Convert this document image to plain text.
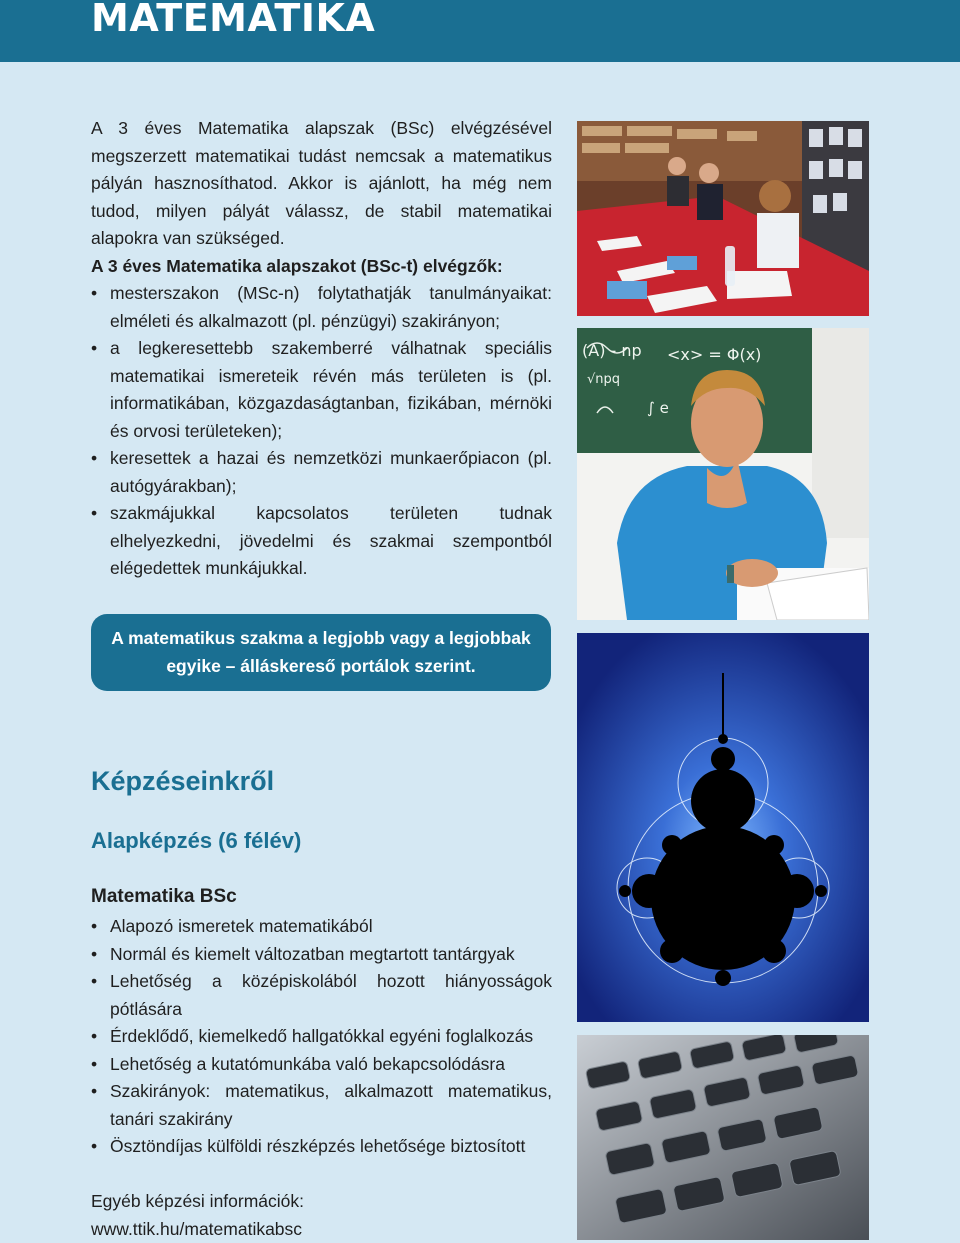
MATEMATIKA

A 3 éves Matematika alapszak (BSc) elvégzésével megszerzett matematikai tudást nemcsak a matematikus pályán hasznosíthatod. Akkor is ajánlott, ha még nem tudod, milyen pályát válassz, de stabil matematikai alapokra van szükséged.

A 3 éves Matematika alapszakot (BSc-t) elvégzők:

• mesterszakon (MSc-n) folytathatják tanulmányaikat: elméleti és alkalmazott (pl. pénzügyi) szakirányon;
• a legkeresettebb szakemberré válhatnak speciális matematikai ismereteik révén más területen is (pl. informatikában, közgazdaságtanban, fizikában, mérnöki és orvosi területeken);
• keresettek a hazai és nemzetközi munkaerőpiacon (pl. autógyárakban);
• szakmájukkal kapcsolatos területen tudnak elhelyezkedni, jövedelmi és szakmai szempontból elégedettek munkájukkal.
A matematikus szakma a legjobb vagy a legjobbak egyike – álláskereső portálok szerint.
Képzéseinkről
Alapképzés (6 félév)
Matematika BSc
• Alapozó ismeretek matematikából
• Normál és kiemelt változatban megtartott tantárgyak
• Lehetőség a középiskolából hozott hiányosságok pótlására
• Érdeklődő, kiemelkedő hallgatókkal egyéni foglalkozás
• Lehetőség a kutatómunkába való bekapcsolódásra
• Szakirányok: matematikus, alkalmazott matematikus, tanári szakirány
• Ösztöndíjas külföldi részképzés lehetősége biztosított
Egyéb képzési információk:
www.ttik.hu/matematikabsc
(A) - np <x> = Φ(x)
√npq
∫ e
